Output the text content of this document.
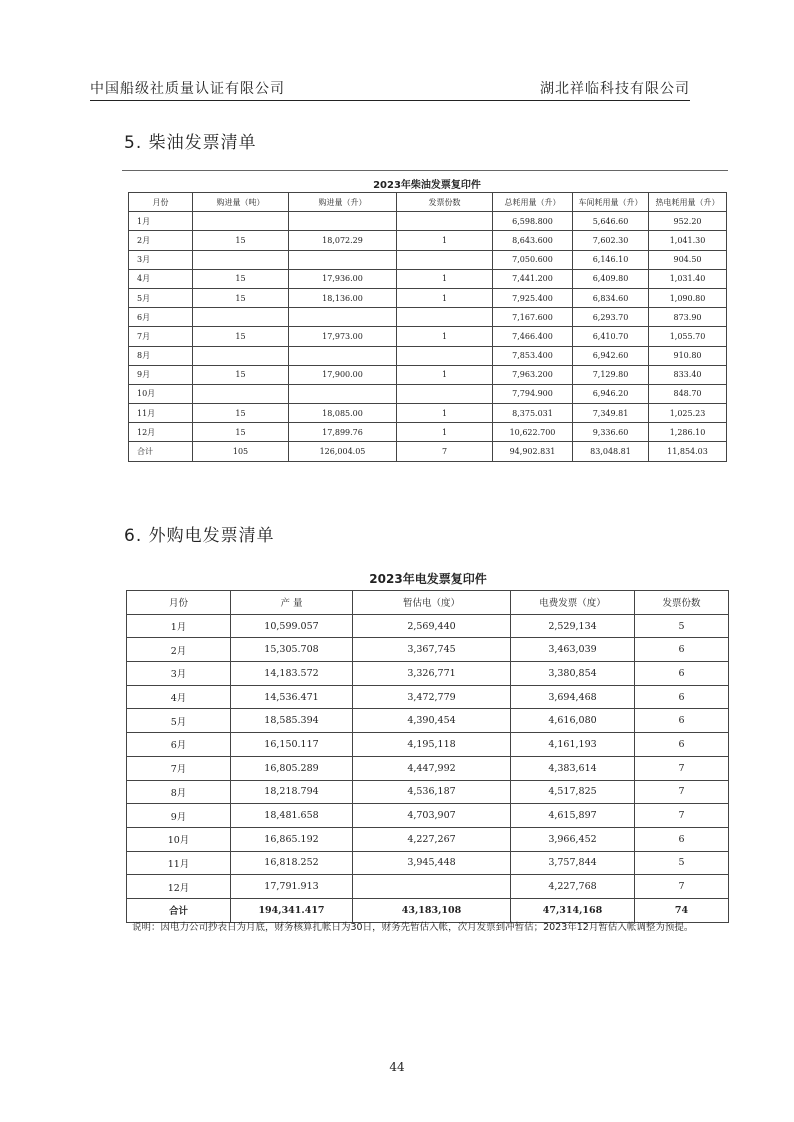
中国船级社质量认证有限公司	湖北祥临科技有限公司
5. 柴油发票清单
2023年柴油发票复印件
月份	购进量（吨）	购进量（升）	发票份数	总耗用量（升）	车间耗用量（升）	热电耗用量（升）
1月				6,598.800	5,646.60	952.20
2月	15	18,072.29	1	8,643.600	7,602.30	1,041.30
3月				7,050.600	6,146.10	904.50
4月	15	17,936.00	1	7,441.200	6,409.80	1,031.40
5月	15	18,136.00	1	7,925.400	6,834.60	1,090.80
6月				7,167.600	6,293.70	873.90
7月	15	17,973.00	1	7,466.400	6,410.70	1,055.70
8月				7,853.400	6,942.60	910.80
9月	15	17,900.00	1	7,963.200	7,129.80	833.40
10月				7,794.900	6,946.20	848.70
11月	15	18,085.00	1	8,375.031	7,349.81	1,025.23
12月	15	17,899.76	1	10,622.700	9,336.60	1,286.10
合计	105	126,004.05	7	94,902.831	83,048.81	11,854.03
6. 外购电发票清单
2023年电发票复印件
月份	产 量	暂估电（度）	电费发票（度）	发票份数
1月	10,599.057	2,569,440	2,529,134	5
2月	15,305.708	3,367,745	3,463,039	6
3月	14,183.572	3,326,771	3,380,854	6
4月	14,536.471	3,472,779	3,694,468	6
5月	18,585.394	4,390,454	4,616,080	6
6月	16,150.117	4,195,118	4,161,193	6
7月	16,805.289	4,447,992	4,383,614	7
8月	18,218.794	4,536,187	4,517,825	7
9月	18,481.658	4,703,907	4,615,897	7
10月	16,865.192	4,227,267	3,966,452	6
11月	16,818.252	3,945,448	3,757,844	5
12月	17,791.913		4,227,768	7
合计	194,341.417	43,183,108	47,314,168	74
说明：因电力公司抄表日为月底，财务核算扎帐日为30日，财务先暂估入帐，次月发票到冲暂估；2023年12月暂估入帐调整为预提。
44
